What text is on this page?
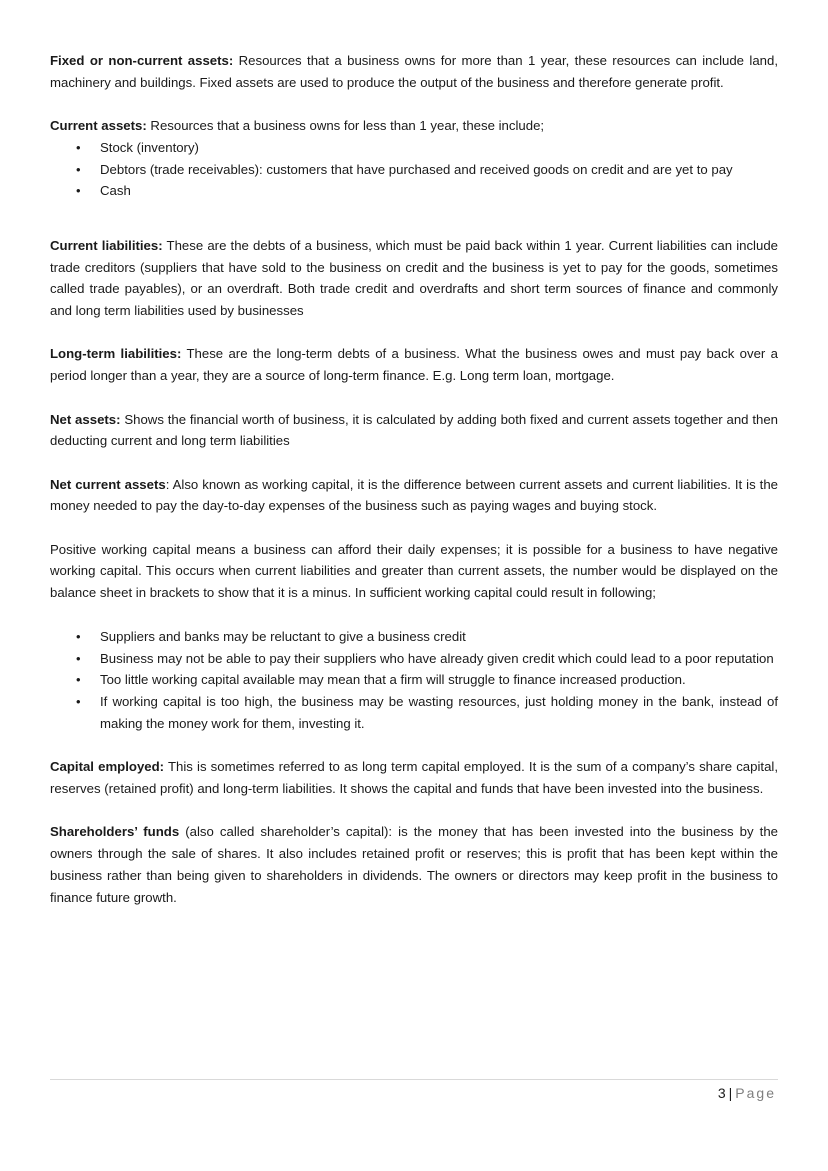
Fixed or non-current assets: Resources that a business owns for more than 1 year, these resources can include land, machinery and buildings. Fixed assets are used to produce the output of the business and therefore generate profit.

Current assets: Resources that a business owns for less than 1 year, these include;

• Stock (inventory)
• Debtors (trade receivables): customers that have purchased and received goods on credit and are yet to pay
• Cash

Current liabilities: These are the debts of a business, which must be paid back within 1 year. Current liabilities can include trade creditors (suppliers that have sold to the business on credit and the business is yet to pay for the goods, sometimes called trade payables), or an overdraft. Both trade credit and overdrafts and short term sources of finance and commonly and long term liabilities used by businesses

Long-term liabilities: These are the long-term debts of a business. What the business owes and must pay back over a period longer than a year, they are a source of long-term finance. E.g. Long term loan, mortgage.

Net assets: Shows the financial worth of business, it is calculated by adding both fixed and current assets together and then deducting current and long term liabilities

Net current assets: Also known as working capital, it is the difference between current assets and current liabilities. It is the money needed to pay the day-to-day expenses of the business such as paying wages and buying stock.

Positive working capital means a business can afford their daily expenses; it is possible for a business to have negative working capital. This occurs when current liabilities and greater than current assets, the number would be displayed on the balance sheet in brackets to show that it is a minus. In sufficient working capital could result in following;

• Suppliers and banks may be reluctant to give a business credit
• Business may not be able to pay their suppliers who have already given credit which could lead to a poor reputation
• Too little working capital available may mean that a firm will struggle to finance increased production.
• If working capital is too high, the business may be wasting resources, just holding money in the bank, instead of making the money work for them, investing it.

Capital employed: This is sometimes referred to as long term capital employed. It is the sum of a company’s share capital, reserves (retained profit) and long-term liabilities. It shows the capital and funds that have been invested into the business.

Shareholders’ funds (also called shareholder’s capital): is the money that has been invested into the business by the owners through the sale of shares. It also includes retained profit or reserves; this is profit that has been kept within the business rather than being given to shareholders in dividends. The owners or directors may keep profit in the business to finance future growth.

3 | Page
